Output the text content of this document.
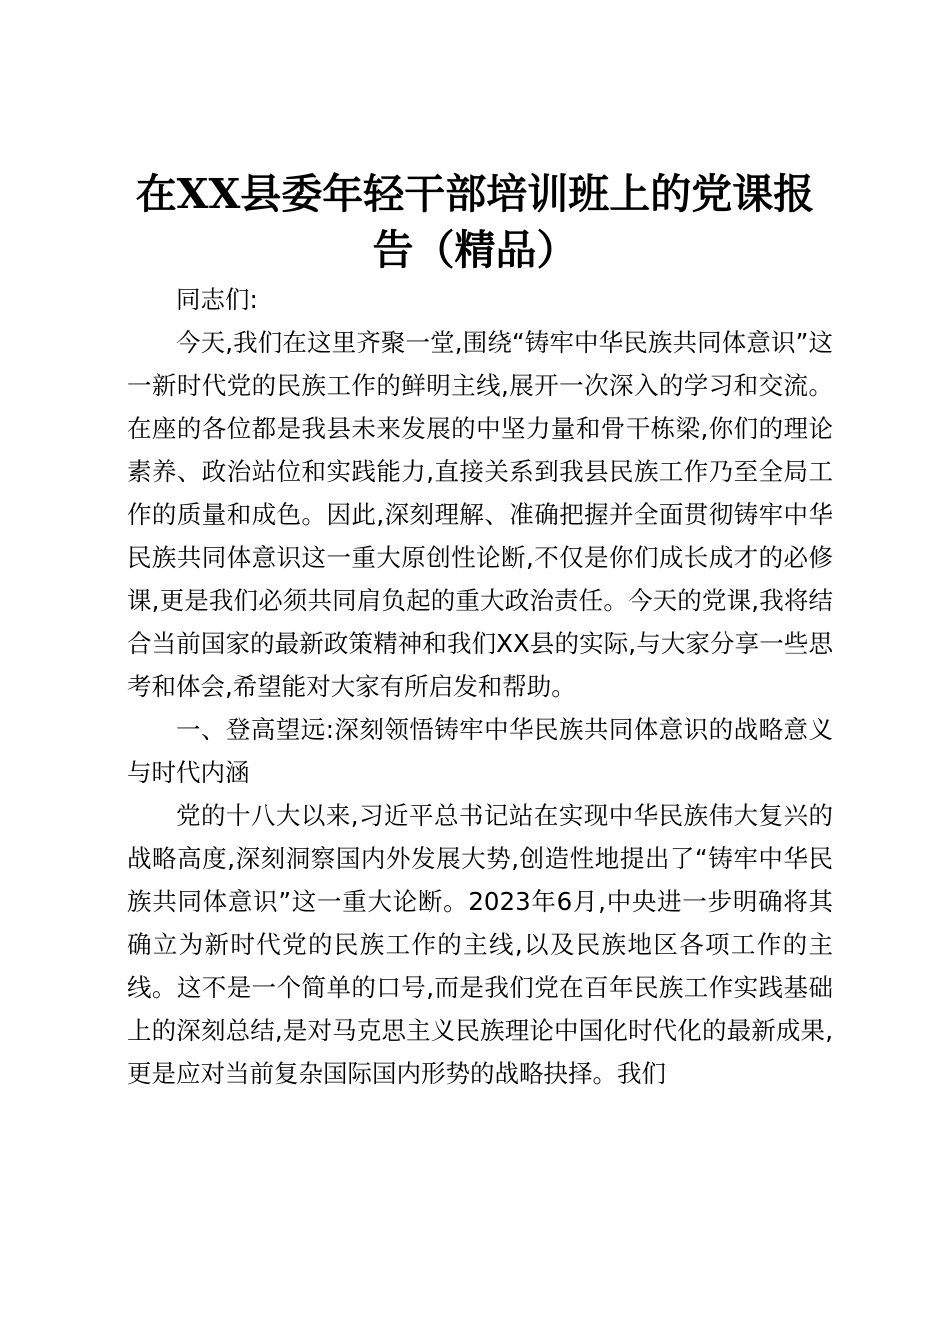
在XX县委年轻干部培训班上的党课报告（精品）

同志们:

今天,我们在这里齐聚一堂,围绕“铸牢中华民族共同体意识”这一新时代党的民族工作的鲜明主线,展开一次深入的学习和交流。在座的各位都是我县未来发展的中坚力量和骨干栋梁,你们的理论素养、政治站位和实践能力,直接关系到我县民族工作乃至全局工作的质量和成色。因此,深刻理解、准确把握并全面贯彻铸牢中华民族共同体意识这一重大原创性论断,不仅是你们成长成才的必修课,更是我们必须共同肩负起的重大政治责任。今天的党课,我将结合当前国家的最新政策精神和我们XX县的实际,与大家分享一些思考和体会,希望能对大家有所启发和帮助。

一、登高望远:深刻领悟铸牢中华民族共同体意识的战略意义与时代内涵

党的十八大以来,习近平总书记站在实现中华民族伟大复兴的战略高度,深刻洞察国内外发展大势,创造性地提出了“铸牢中华民族共同体意识”这一重大论断。2023年6月,中央进一步明确将其确立为新时代党的民族工作的主线,以及民族地区各项工作的主线。这不是一个简单的口号,而是我们党在百年民族工作实践基础上的深刻总结,是对马克思主义民族理论中国化时代化的最新成果,更是应对当前复杂国际国内形势的战略抉择。我们
